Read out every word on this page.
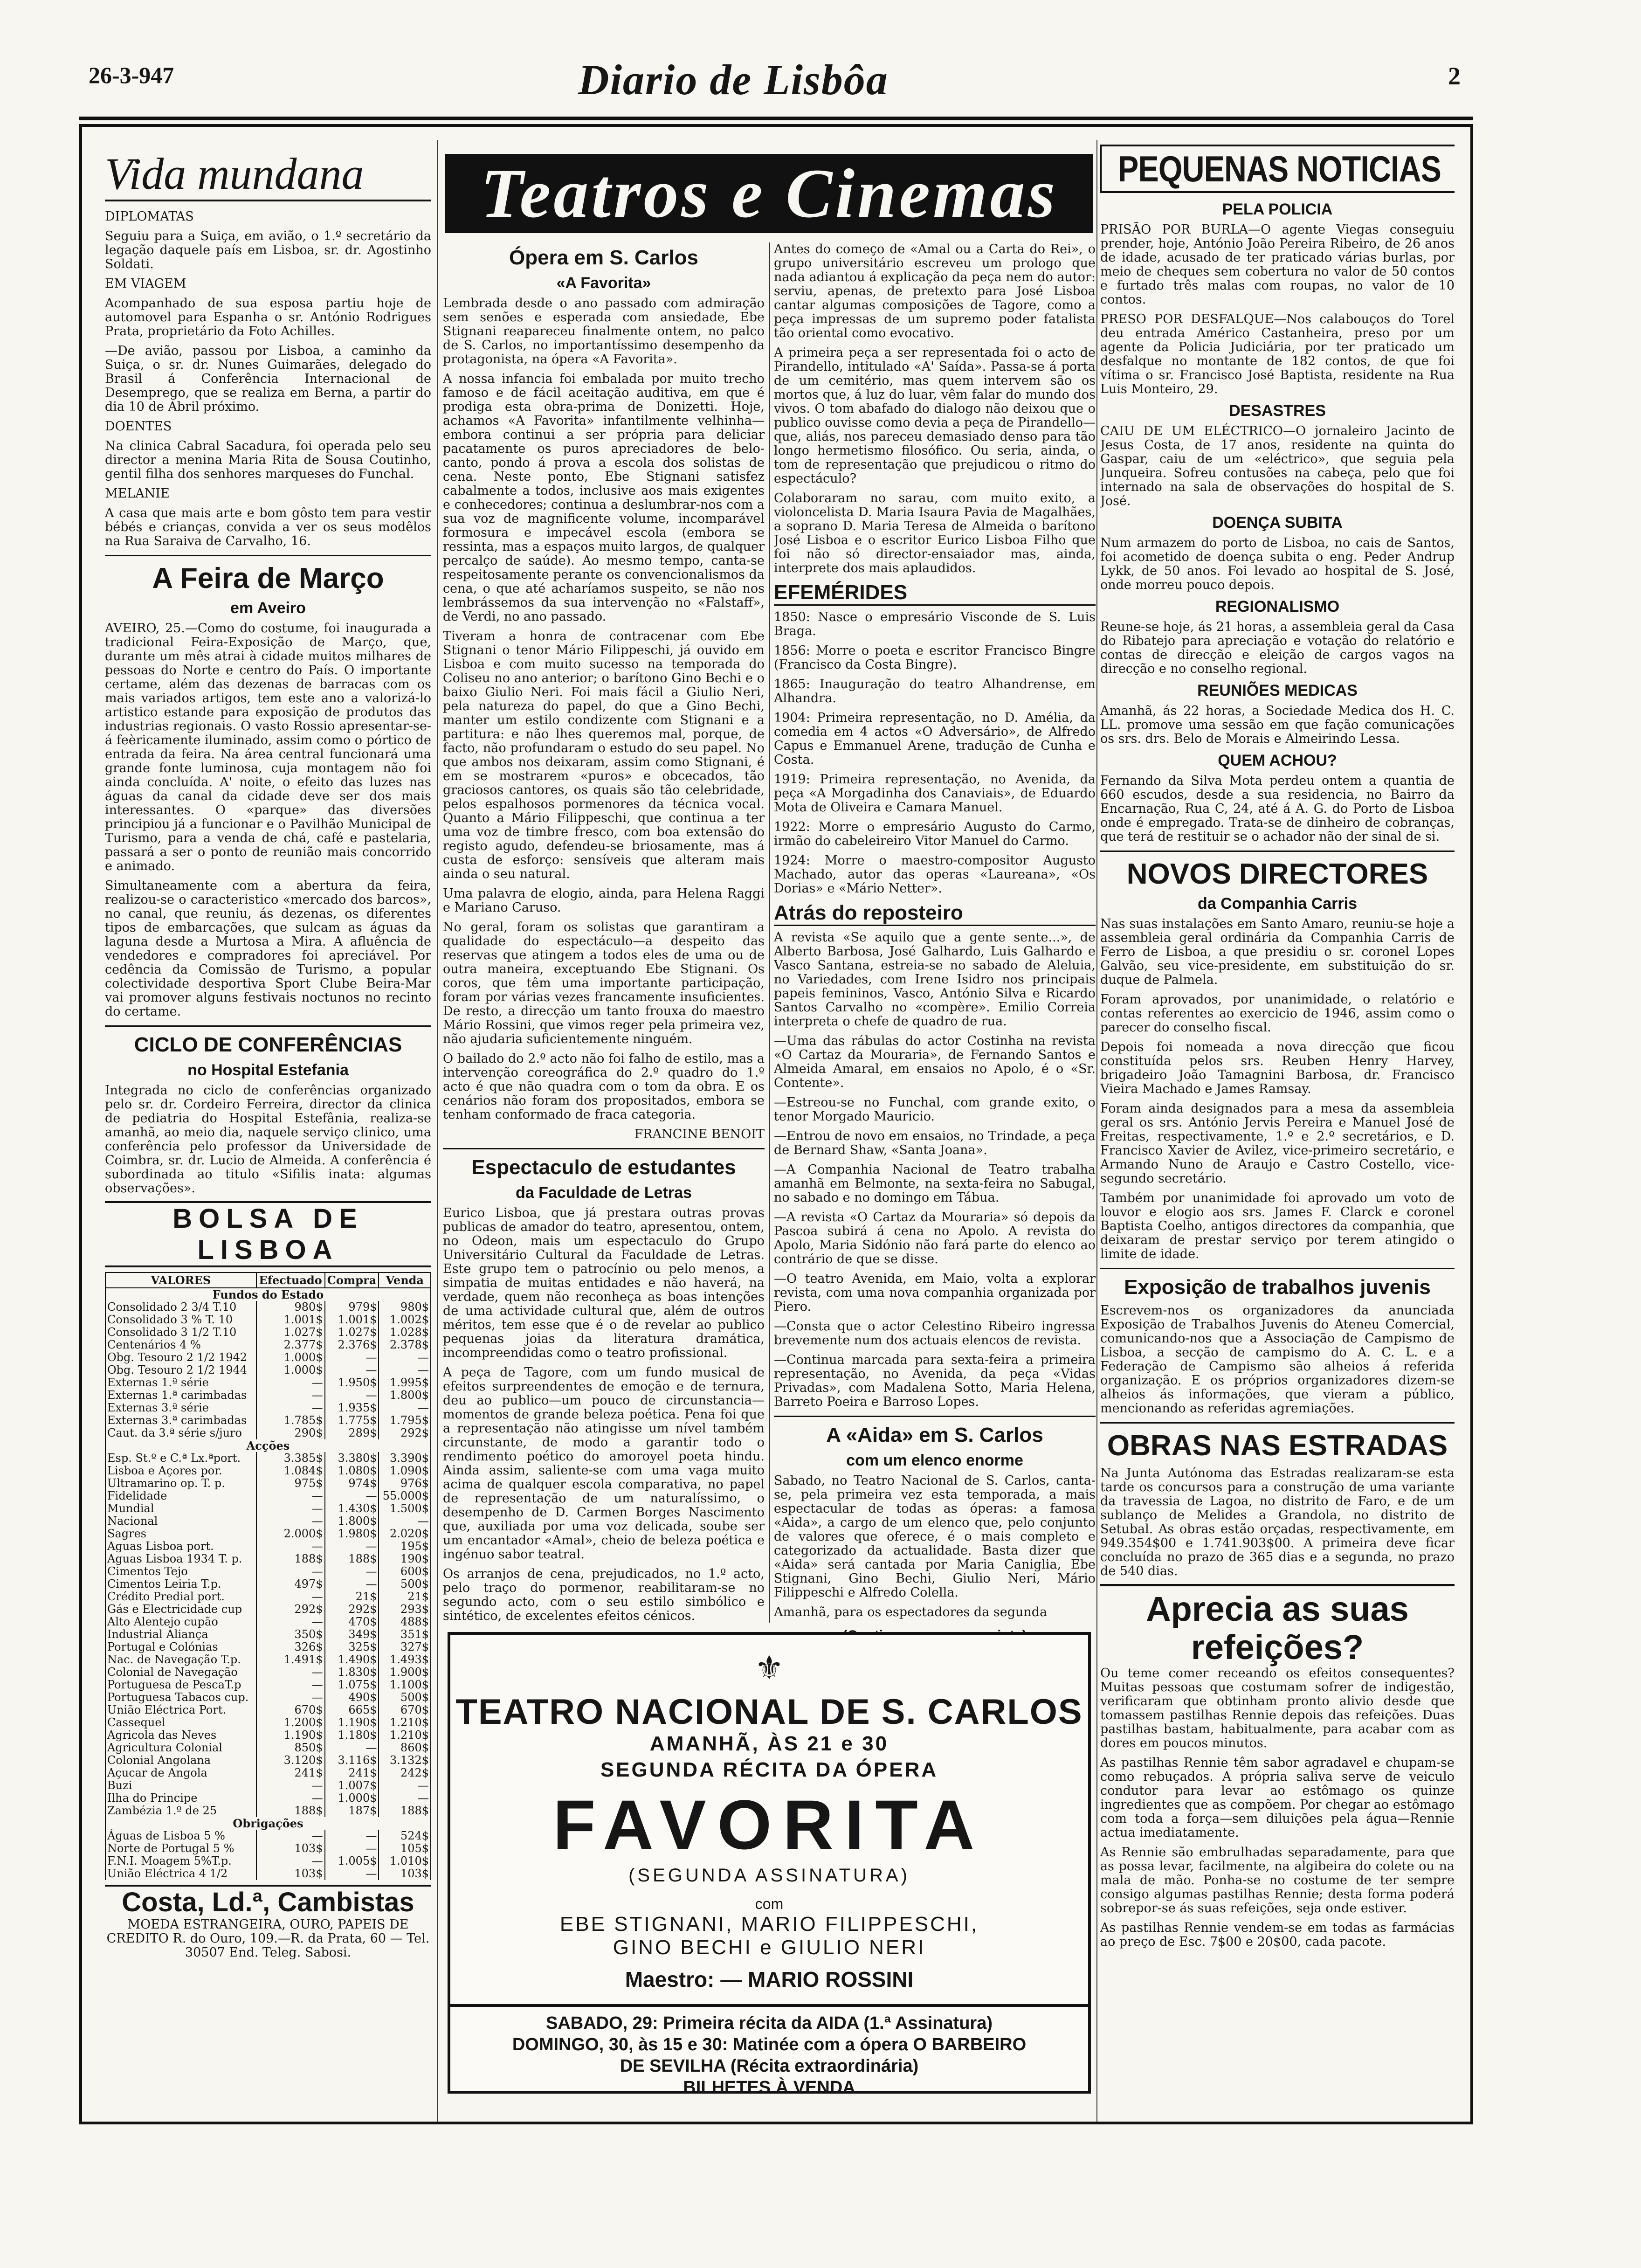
26-3-947	Diario de Lisbôa	2
Teatros e Cinemas
Vida mundana

DIPLOMATAS

Seguiu para a Suiça, em avião, o 1.º secretário da legação daquele país em Lisboa, sr. dr. Agostinho Soldati.

EM VIAGEM

Acompanhado de sua esposa partiu hoje de automovel para Espanha o sr. António Rodrigues Prata, proprietário da Foto Achilles.

—De avião, passou por Lisboa, a caminho da Suiça, o sr. dr. Nunes Guimarães, delegado do Brasil á Conferência Internacional de Desemprego, que se realiza em Berna, a partir do dia 10 de Abril próximo.

DOENTES

Na clinica Cabral Sacadura, foi operada pelo seu director a menina Maria Rita de Sousa Coutinho, gentil filha dos senhores marqueses do Funchal.

MELANIE

A casa que mais arte e bom gôsto tem para vestir bébés e crianças, convida a ver os seus modêlos na Rua Saraiva de Carvalho, 16.

A Feira de Março
em Aveiro

AVEIRO, 25.—Como do costume, foi inaugurada a tradicional Feira-Exposição de Março, que, durante um mês atrai à cidade muitos milhares de pessoas do Norte e centro do País. O importante certame, além das dezenas de barracas com os mais variados artigos, tem este ano a valorizá-lo artistico estande para exposição de produtos das industrias regionais. O vasto Rossio apresentar-se-á feèricamente iluminado, assim como o pórtico de entrada da feira. Na área central funcionará uma grande fonte luminosa, cuja montagem não foi ainda concluída. A' noite, o efeito das luzes nas águas da canal da cidade deve ser dos mais interessantes. O «parque» das diversões principiou já a funcionar e o Pavilhão Municipal de Turismo, para a venda de chá, café e pastelaria, passará a ser o ponto de reunião mais concorrido e animado.

Simultaneamente com a abertura da feira, realizou-se o caracteristico «mercado dos barcos», no canal, que reuniu, ás dezenas, os diferentes tipos de embarcações, que sulcam as águas da laguna desde a Murtosa a Mira. A afluência de vendedores e compradores foi apreciável. Por cedência da Comissão de Turismo, a popular colectividade desportiva Sport Clube Beira-Mar vai promover alguns festivais noctunos no recinto do certame.

CICLO DE CONFERÊNCIAS
no Hospital Estefania

Integrada no ciclo de conferências organizado pelo sr. dr. Cordeiro Ferreira, director da clinica de pediatria do Hospital Estefânia, realiza-se amanhã, ao meio dia, naquele serviço clinico, uma conferência pelo professor da Universidade de Coimbra, sr. dr. Lucio de Almeida. A conferência é subordinada ao titulo «Sifilis inata: algumas observações».

BOLSA DE LISBOA
VALORES	Efectuado	Compra	Venda
Fundos do Estado			
Consolidado 2 3/4 T.10	980$	979$	980$
Consolidado 3 % T. 10	1.001$	1.001$	1.002$
Consolidado 3 1/2 T.10	1.027$	1.027$	1.028$
Centenários 4 %	2.377$	2.376$	2.378$
Obg. Tesouro 2 1/2 1942	1.000$	—	—
Obg. Tesouro 2 1/2 1944	1.000$	—	—
Externas 1.ª série	—	1.950$	1.995$
Externas 1.ª carimbadas	—	—	1.800$
Externas 3.ª série	—	1.935$	—
Externas 3.ª carimbadas	1.785$	1.775$	1.795$
Caut. da 3.ª série s/juro	290$	289$	292$
Acções			
Esp. St.º e C.ª Lx.ªport.	3.385$	3.380$	3.390$
Lisboa e Açores por.	1.084$	1.080$	1.090$
Ultramarino op. T. p.	975$	974$	976$
Fidelidade	—	—	55.000$
Mundial	—	1.430$	1.500$
Nacional	—	1.800$	—
Sagres	2.000$	1.980$	2.020$
Aguas Lisboa port.	—	—	195$
Aguas Lisboa 1934 T. p.	188$	188$	190$
Cimentos Tejo	—	—	600$
Cimentos Leiria T.p.	497$	—	500$
Crédito Predial port.	—	21$	21$
Gás e Electricidade cup	292$	292$	293$
Alto Alentejo cupão	—	470$	488$
Industrial Aliança	350$	349$	351$
Portugal e Colónias	326$	325$	327$
Nac. de Navegação T.p.	1.491$	1.490$	1.493$
Colonial de Navegação	—	1.830$	1.900$
Portuguesa de PescaT.p	—	1.075$	1.100$
Portuguesa Tabacos cup.	—	490$	500$
União Eléctrica Port.	670$	665$	670$
Cassequel	1.200$	1.190$	1.210$
Agricola das Neves	1.190$	1.180$	1.210$
Agricultura Colonial	850$	—	860$
Colonial Angolana	3.120$	3.116$	3.132$
Açucar de Angola	241$	241$	242$
Buzi	—	1.007$	—
Ilha do Principe	—	1.000$	—
Zambézia 1.º de 25	188$	187$	188$
Obrigações			
Águas de Lisboa 5 %	—	—	524$
Norte de Portugal 5 %	103$	—	105$
F.N.I. Moagem 5%T.p.	—	1.005$	1.010$
União Eléctrica 4 1/2	103$	—	103$
Costa, Ld.ª, Cambistas

MOEDA ESTRANGEIRA, OURO, PAPEIS DE CREDITO R. do Ouro, 109.—R. da Prata, 60 — Tel. 30507 End. Teleg. Sabosi.

Ópera em S. Carlos
«A Favorita»

Lembrada desde o ano passado com admiração sem senões e esperada com ansiedade, Ebe Stignani reapareceu finalmente ontem, no palco de S. Carlos, no importantíssimo desempenho da protagonista, na ópera «A Favorita».

A nossa infancia foi embalada por muito trecho famoso e de fácil aceitação auditiva, em que é prodiga esta obra-prima de Donizetti. Hoje, achamos «A Favorita» infantilmente velhinha—embora continui a ser própria para deliciar pacatamente os puros apreciadores de belo-canto, pondo á prova a escola dos solistas de cena. Neste ponto, Ebe Stignani satisfez cabalmente a todos, inclusive aos mais exigentes e conhecedores; continua a deslumbrar-nos com a sua voz de magnificente volume, incomparável formosura e impecável escola (embora se ressinta, mas a espaços muito largos, de qualquer percalço de saúde). Ao mesmo tempo, canta-se respeitosamente perante os convencionalismos da cena, o que até acharíamos suspeito, se não nos lembrássemos da sua intervenção no «Falstaff», de Verdi, no ano passado.

Tiveram a honra de contracenar com Ebe Stignani o tenor Mário Filippeschi, já ouvido em Lisboa e com muito sucesso na temporada do Coliseu no ano anterior; o barítono Gino Bechi e o baixo Giulio Neri. Foi mais fácil a Giulio Neri, pela natureza do papel, do que a Gino Bechi, manter um estilo condizente com Stignani e a partitura: e não lhes queremos mal, porque, de facto, não profundaram o estudo do seu papel. No que ambos nos deixaram, assim como Stignani, é em se mostrarem «puros» e obcecados, tão graciosos cantores, os quais são tão celebridade, pelos espalhosos pormenores da técnica vocal. Quanto a Mário Filippeschi, que continua a ter uma voz de timbre fresco, com boa extensão do registo agudo, defendeu-se briosamente, mas á custa de esforço: sensíveis que alteram mais ainda o seu natural.

Uma palavra de elogio, ainda, para Helena Raggi e Mariano Caruso.

No geral, foram os solistas que garantiram a qualidade do espectáculo—a despeito das reservas que atingem a todos eles de uma ou de outra maneira, exceptuando Ebe Stignani. Os coros, que têm uma importante participação, foram por várias vezes francamente insuficientes. De resto, a direcção um tanto frouxa do maestro Mário Rossini, que vimos reger pela primeira vez, não ajudaria suficientemente ninguém.

O bailado do 2.º acto não foi falho de estilo, mas a intervenção coreográfica do 2.º quadro do 1.º acto é que não quadra com o tom da obra. E os cenários não foram dos propositados, embora se tenham conformado de fraca categoria.

FRANCINE BENOIT

Espectaculo de estudantes
da Faculdade de Letras

Eurico Lisboa, que já prestara outras provas publicas de amador do teatro, apresentou, ontem, no Odeon, mais um espectaculo do Grupo Universitário Cultural da Faculdade de Letras. Este grupo tem o patrocínio ou pelo menos, a simpatia de muitas entidades e não haverá, na verdade, quem não reconheça as boas intenções de uma actividade cultural que, além de outros méritos, tem esse que é o de revelar ao publico pequenas joias da literatura dramática, incompreendidas como o teatro profissional.

A peça de Tagore, com um fundo musical de efeitos surpreendentes de emoção e de ternura, deu ao publico—um pouco de circunstancia—momentos de grande beleza poética. Pena foi que a representação não atingisse um nível também circunstante, de modo a garantir todo o rendimento poético do amoroyel poeta hindu. Ainda assim, saliente-se com uma vaga muito acima de qualquer escola comparativa, no papel de representação de um naturalíssimo, o desempenho de D. Carmen Borges Nascimento que, auxiliada por uma voz delicada, soube ser um encantador «Amal», cheio de beleza poética e ingénuo sabor teatral.

Os arranjos de cena, prejudicados, no 1.º acto, pelo traço do pormenor, reabilitaram-se no segundo acto, com o seu estilo simbólico e sintético, de excelentes efeitos cénicos.

Antes do começo de «Amal ou a Carta do Rei», o grupo universitário escreveu um prologo que nada adiantou á explicação da peça nem do autor: serviu, apenas, de pretexto para José Lisboa cantar algumas composições de Tagore, como a peça impressas de um supremo poder fatalista tão oriental como evocativo.

A primeira peça a ser representada foi o acto de Pirandello, intitulado «A' Saída». Passa-se á porta de um cemitério, mas quem intervem são os mortos que, á luz do luar, vêm falar do mundo dos vivos. O tom abafado do dialogo não deixou que o publico ouvisse como devia a peça de Pirandello—que, aliás, nos pareceu demasiado denso para tão longo hermetismo filosófico. Ou seria, ainda, o tom de representação que prejudicou o ritmo do espectáculo?

Colaboraram no sarau, com muito exito, a violoncelista D. Maria Isaura Pavia de Magalhães, a soprano D. Maria Teresa de Almeida o barítono José Lisboa e o escritor Eurico Lisboa Filho que foi não só director-ensaiador mas, ainda, interprete dos mais aplaudidos.

EFEMÉRIDES

1850: Nasce o empresário Visconde de S. Luis Braga.

1856: Morre o poeta e escritor Francisco Bingre (Francisco da Costa Bingre).

1865: Inauguração do teatro Alhandrense, em Alhandra.

1904: Primeira representação, no D. Amélia, da comedia em 4 actos «O Adversário», de Alfredo Capus e Emmanuel Arene, tradução de Cunha e Costa.

1919: Primeira representação, no Avenida, da peça «A Morgadinha dos Canaviais», de Eduardo Mota de Oliveira e Camara Manuel.

1922: Morre o empresário Augusto do Carmo, irmão do cabeleireiro Vitor Manuel do Carmo.

1924: Morre o maestro-compositor Augusto Machado, autor das operas «Laureana», «Os Dorias» e «Mário Netter».

Atrás do reposteiro

A revista «Se aquilo que a gente sente...», de Alberto Barbosa, José Galhardo, Luis Galhardo e Vasco Santana, estreia-se no sabado de Aleluia, no Variedades, com Irene Isidro nos principais papeis femininos, Vasco, António Silva e Ricardo Santos Carvalho no «compère». Emilio Correia interpreta o chefe de quadro de rua.

—Uma das rábulas do actor Costinha na revista «O Cartaz da Mouraria», de Fernando Santos e Almeida Amaral, em ensaios no Apolo, é o «Sr. Contente».

—Estreou-se no Funchal, com grande exito, o tenor Morgado Mauricio.

—Entrou de novo em ensaios, no Trindade, a peça de Bernard Shaw, «Santa Joana».

—A Companhia Nacional de Teatro trabalha amanhã em Belmonte, na sexta-feira no Sabugal, no sabado e no domingo em Tábua.

—A revista «O Cartaz da Mouraria» só depois da Pascoa subirá á cena no Apolo. A revista do Apolo, Maria Sidónio não fará parte do elenco ao contrário de que se disse.

—O teatro Avenida, em Maio, volta a explorar revista, com uma nova companhia organizada por Piero.

—Consta que o actor Celestino Ribeiro ingressa brevemente num dos actuais elencos de revista.

—Continua marcada para sexta-feira a primeira representação, no Avenida, da peça «Vidas Privadas», com Madalena Sotto, Maria Helena, Barreto Poeira e Barroso Lopes.

A «Aida» em S. Carlos
com um elenco enorme

Sabado, no Teatro Nacional de S. Carlos, canta-se, pela primeira vez esta temporada, a mais espectacular de todas as óperas: a famosa «Aida», a cargo de um elenco que, pelo conjunto de valores que oferece, é o mais completo e categorizado da actualidade. Basta dizer que «Aida» será cantada por Maria Caniglia, Ebe Stignani, Gino Bechi, Giulio Neri, Mário Filippeschi e Alfredo Colella.

Amanhã, para os espectadores da segunda

⚜
TEATRO NACIONAL DE S. CARLOS
AMANHÃ, ÀS 21 e 30
SEGUNDA RÉCITA DA ÓPERA
FAVORITA
(SEGUNDA ASSINATURA)
com
EBE STIGNANI, MARIO FILIPPESCHI,
GINO BECHI e GIULIO NERI
Maestro: — MARIO ROSSINI
SABADO, 29: Primeira récita da AIDA (1.ª Assinatura)
DOMINGO, 30, às 15 e 30: Matinée com a ópera O BARBEIRO
DE SEVILHA (Récita extraordinária)
BILHETES À VENDA
PEQUENAS NOTICIAS
PELA POLICIA

PRISÃO POR BURLA—O agente Viegas conseguiu prender, hoje, António João Pereira Ribeiro, de 26 anos de idade, acusado de ter praticado várias burlas, por meio de cheques sem cobertura no valor de 50 contos e furtado três malas com roupas, no valor de 10 contos.

PRESO POR DESFALQUE—Nos calabouços do Torel deu entrada Américo Castanheira, preso por um agente da Policia Judiciária, por ter praticado um desfalque no montante de 182 contos, de que foi vítima o sr. Francisco José Baptista, residente na Rua Luis Monteiro, 29.

DESASTRES

CAIU DE UM ELÉCTRICO—O jornaleiro Jacinto de Jesus Costa, de 17 anos, residente na quinta do Gaspar, caiu de um «eléctrico», que seguia pela Junqueira. Sofreu contusões na cabeça, pelo que foi internado na sala de observações do hospital de S. José.

DOENÇA SUBITA

Num armazem do porto de Lisboa, no cais de Santos, foi acometido de doença subita o eng. Peder Andrup Lykk, de 50 anos. Foi levado ao hospital de S. José, onde morreu pouco depois.

REGIONALISMO

Reune-se hoje, ás 21 horas, a assembleia geral da Casa do Ribatejo para apreciação e votação do relatório e contas de direcção e eleição de cargos vagos na direcção e no conselho regional.

REUNIÕES MEDICAS

Amanhã, ás 22 horas, a Sociedade Medica dos H. C. LL. promove uma sessão em que fação comunicações os srs. drs. Belo de Morais e Almeirindo Lessa.

QUEM ACHOU?

Fernando da Silva Mota perdeu ontem a quantia de 660 escudos, desde a sua residencia, no Bairro da Encarnação, Rua C, 24, até á A. G. do Porto de Lisboa onde é empregado. Trata-se de dinheiro de cobranças, que terá de restituir se o achador não der sinal de si.

NOVOS DIRECTORES
da Companhia Carris

Nas suas instalações em Santo Amaro, reuniu-se hoje a assembleia geral ordinária da Companhia Carris de Ferro de Lisboa, a que presidiu o sr. coronel Lopes Galvão, seu vice-presidente, em substituição do sr. duque de Palmela.

Foram aprovados, por unanimidade, o relatório e contas referentes ao exercicio de 1946, assim como o parecer do conselho fiscal.

Depois foi nomeada a nova direcção que ficou constituída pelos srs. Reuben Henry Harvey, brigadeiro João Tamagnini Barbosa, dr. Francisco Vieira Machado e James Ramsay.

Foram ainda designados para a mesa da assembleia geral os srs. António Jervis Pereira e Manuel José de Freitas, respectivamente, 1.º e 2.º secretários, e D. Francisco Xavier de Avilez, vice-primeiro secretário, e Armando Nuno de Araujo e Castro Costello, vice-segundo secretário.

Também por unanimidade foi aprovado um voto de louvor e elogio aos srs. James F. Clarck e coronel Baptista Coelho, antigos directores da companhia, que deixaram de prestar serviço por terem atingido o limite de idade.

Exposição de trabalhos juvenis

Escrevem-nos os organizadores da anunciada Exposição de Trabalhos Juvenis do Ateneu Comercial, comunicando-nos que a Associação de Campismo de Lisboa, a secção de campismo do A. C. L. e a Federação de Campismo são alheios á referida organização. E os próprios organizadores dizem-se alheios ás informações, que vieram a público, mencionando as referidas agremiações.

OBRAS NAS ESTRADAS

Na Junta Autónoma das Estradas realizaram-se esta tarde os concursos para a construção de uma variante da travessia de Lagoa, no distrito de Faro, e de um sublanço de Melides a Grandola, no distrito de Setubal. As obras estão orçadas, respectivamente, em 949.354$00 e 1.741.903$00. A primeira deve ficar concluída no prazo de 365 dias e a segunda, no prazo de 540 dias.

Aprecia as suas refeições?

Ou teme comer receando os efeitos consequentes? Muitas pessoas que costumam sofrer de indigestão, verificaram que obtinham pronto alivio desde que tomassem pastilhas Rennie depois das refeições. Duas pastilhas bastam, habitualmente, para acabar com as dores em poucos minutos.

As pastilhas Rennie têm sabor agradavel e chupam-se como rebuçados. A própria saliva serve de veiculo condutor para levar ao estômago os quinze ingredientes que as compõem. Por chegar ao estômago com toda a força—sem diluições pela água—Rennie actua imediatamente.

As Rennie são embrulhadas separadamente, para que as possa levar, facilmente, na algibeira do colete ou na mala de mão. Ponha-se no costume de ter sempre consigo algumas pastilhas Rennie; desta forma poderá sobrepor-se ás suas refeições, seja onde estiver.

As pastilhas Rennie vendem-se em todas as farmácias ao preço de Esc. 7$00 e 20$00, cada pacote.
